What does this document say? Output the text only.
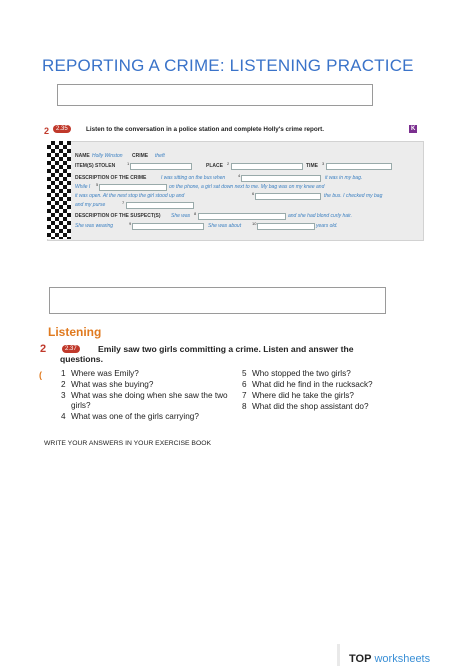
REPORTING A CRIME: LISTENING PRACTICE
2	2.35	Listen to the conversation in a police station and complete Holly's crime report.	K
NAME Holly Winston CRIME theft
ITEM(S) STOLEN	1	PLACE 2	TIME 3
DESCRIPTION OF THE CRIME	I was sitting on the bus when	4	it was in my bag.
While I 5	on the phone, a girl sat down next to me. My bag was on my knee and
it was open. At the next stop the girl stood up and	6	the bus. I checked my bag
and my purse	7
DESCRIPTION OF THE SUSPECT(S) She was 8	and she had blond curly hair.
She was wearing	9	She was about	10	years old.
Listening
2	Emily saw two girls committing a crime. Listen and answer the questions.
2.37
( 1 Where was Emily?
2 What was she buying?
3 What was she doing when she saw the two girls?
4 What was one of the girls carrying?
5 Who stopped the two girls?
6 What did he find in the rucksack?
7 Where did he take the girls?
8 What did the shop assistant do?
WRITE YOUR ANSWERS IN YOUR EXERCISE BOOK
TOP worksheets
